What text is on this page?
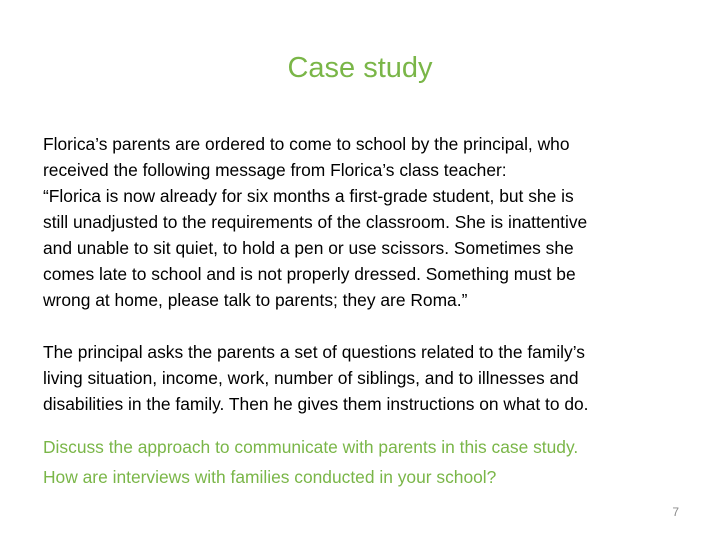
Case study

Florica’s parents are ordered to come to school by the principal, who
received the following message from Florica’s class teacher:
“Florica is now already for six months a first-grade student, but she is
still unadjusted to the requirements of the classroom. She is inattentive
and unable to sit quiet, to hold a pen or use scissors. Sometimes she
comes late to school and is not properly dressed. Something must be
wrong at home, please talk to parents; they are Roma.”

The principal asks the parents a set of questions related to the family’s
living situation, income, work, number of siblings, and to illnesses and
disabilities in the family. Then he gives them instructions on what to do.

Discuss the approach to communicate with parents in this case study.
How are interviews with families conducted in your school?

7
